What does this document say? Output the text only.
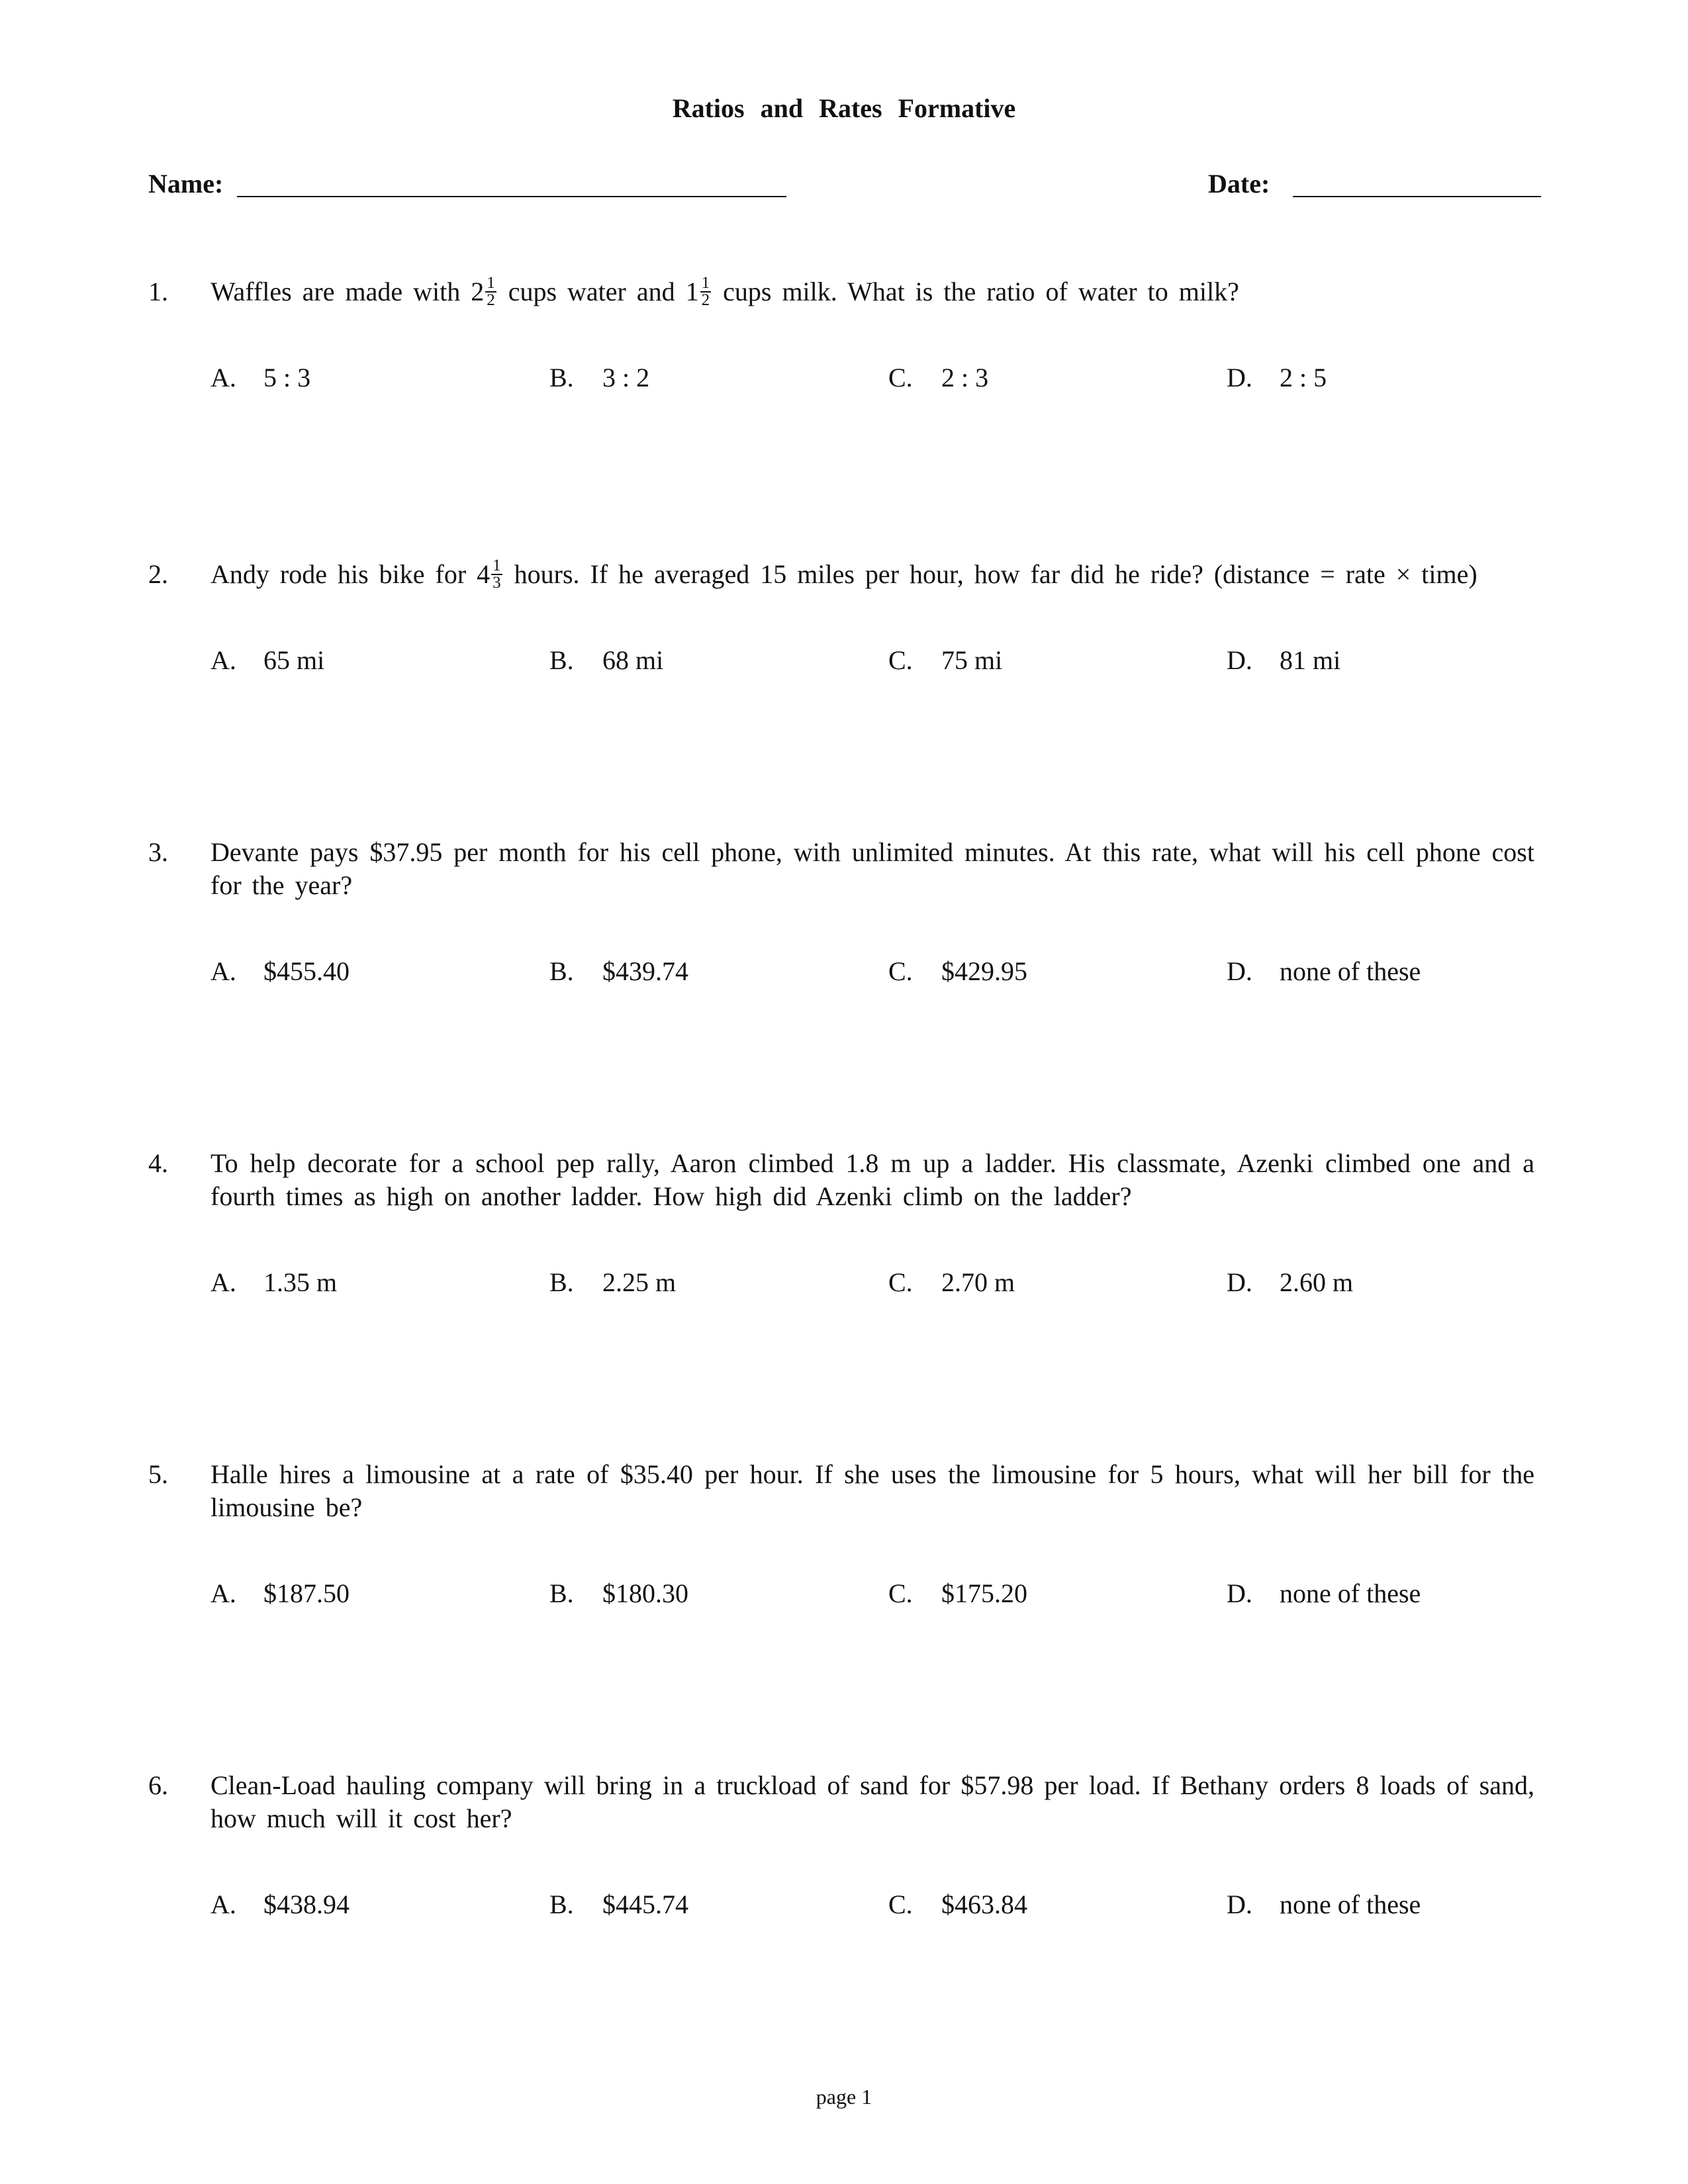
Ratios and Rates Formative
Name:	Date:
1. Waffles are made with $2 \frac{1}{2}$ cups water and $1 \frac{1}{2}$ cups milk. What is the ratio of water to milk?
A. 5 : 3	B. 3 : 2	C. 2 : 3	D. 2 : 5
2. Andy rode his bike for $4 \frac{1}{3}$ hours. If he averaged 15 miles per hour, how far did he ride? (distance = rate × time)
A. 65 mi	B. 68 mi	C. 75 mi	D. 81 mi
3. Devante pays $37.95 per month for his cell phone, with unlimited minutes. At this rate, what will his cell phone cost for the year?
A. $455.40	B. $439.74	C. $429.95	D. none of these
4. To help decorate for a school pep rally, Aaron climbed 1.8 m up a ladder. His classmate, Azenki climbed one and a fourth times as high on another ladder. How high did Azenki climb on the ladder?
A. 1.35 m	B. 2.25 m	C. 2.70 m	D. 2.60 m
5. Halle hires a limousine at a rate of $35.40 per hour. If she uses the limousine for 5 hours, what will her bill for the limousine be?
A. $187.50	B. $180.30	C. $175.20	D. none of these
6. Clean-Load hauling company will bring in a truckload of sand for $57.98 per load. If Bethany orders 8 loads of sand, how much will it cost her?
A. $438.94	B. $445.74	C. $463.84	D. none of these
page 1
